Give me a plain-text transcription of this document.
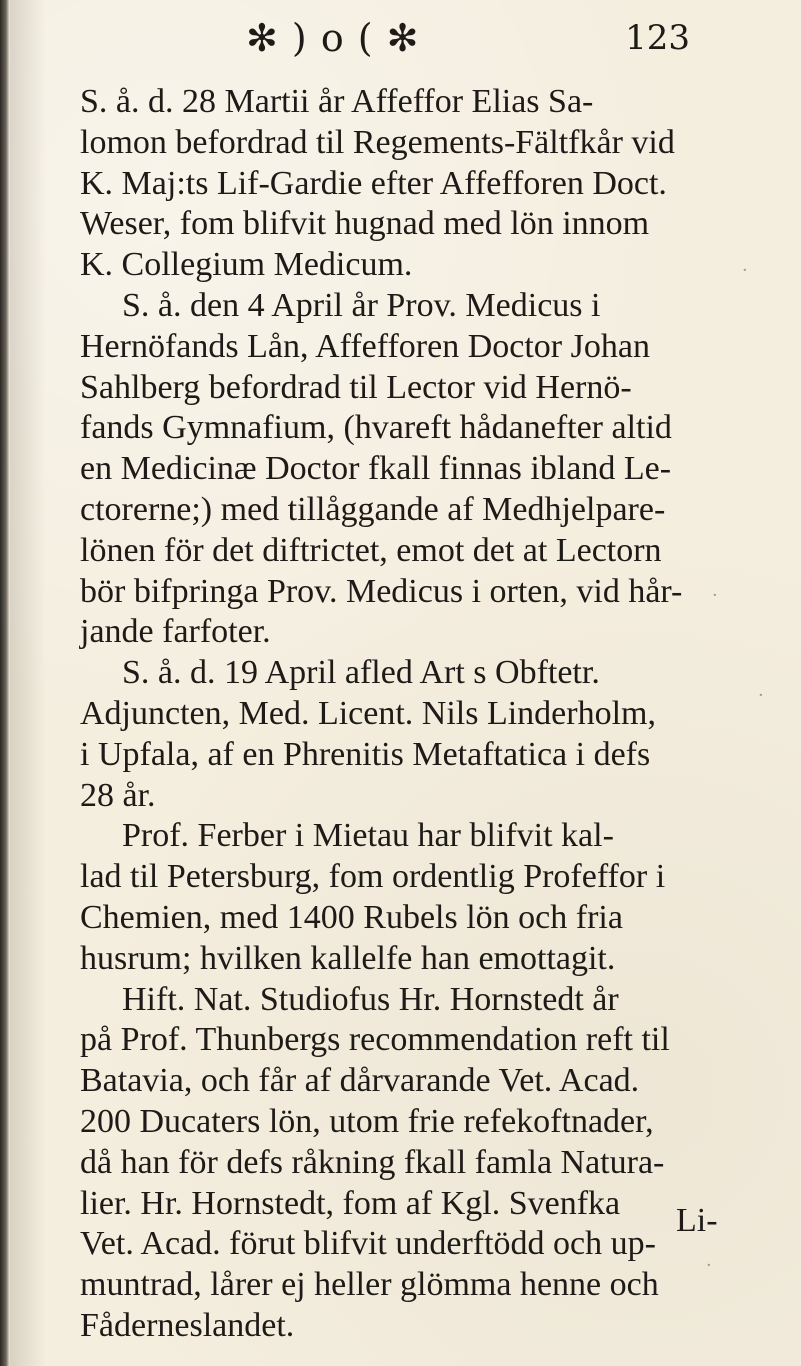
✻ ) o ( ✻	123
S. å. d. 28 Martii år Affeffor Elias Sa-
lomon befordrad til Regements-Fältfkår vid
K. Maj:ts Lif-Gardie efter Affefforen Doct.
Weser, fom blifvit hugnad med lön innom
K. Collegium Medicum.
S. å. den 4 April år Prov. Medicus i
Hernöfands Lån, Affefforen Doctor Johan
Sahlberg befordrad til Lector vid Hernö-
fands Gymnafium, (hvareft hådanefter altid
en Medicinæ Doctor fkall finnas ibland Le-
ctorerne;) med tillåggande af Medhjelpare-
lönen för det diftrictet, emot det at Lectorn
bör bifpringa Prov. Medicus i orten, vid hår-
jande farfoter.
S. å. d. 19 April afled Art s Obftetr.
Adjuncten, Med. Licent. Nils Linderholm,
i Upfala, af en Phrenitis Metaftatica i defs
28 år.
Prof. Ferber i Mietau har blifvit kal-
lad til Petersburg, fom ordentlig Profeffor i
Chemien, med 1400 Rubels lön och fria
husrum; hvilken kallelfe han emottagit.
Hift. Nat. Studiofus Hr. Hornstedt år
på Prof. Thunbergs recommendation reft til
Batavia, och får af dårvarande Vet. Acad.
200 Ducaters lön, utom frie refekoftnader,
då han för defs råkning fkall famla Natura-
lier. Hr. Hornstedt, fom af Kgl. Svenfka
Vet. Acad. förut blifvit underftödd och up-
muntrad, lårer ej heller glömma henne och
Fåderneslandet.
Li-
·
·
·
·
